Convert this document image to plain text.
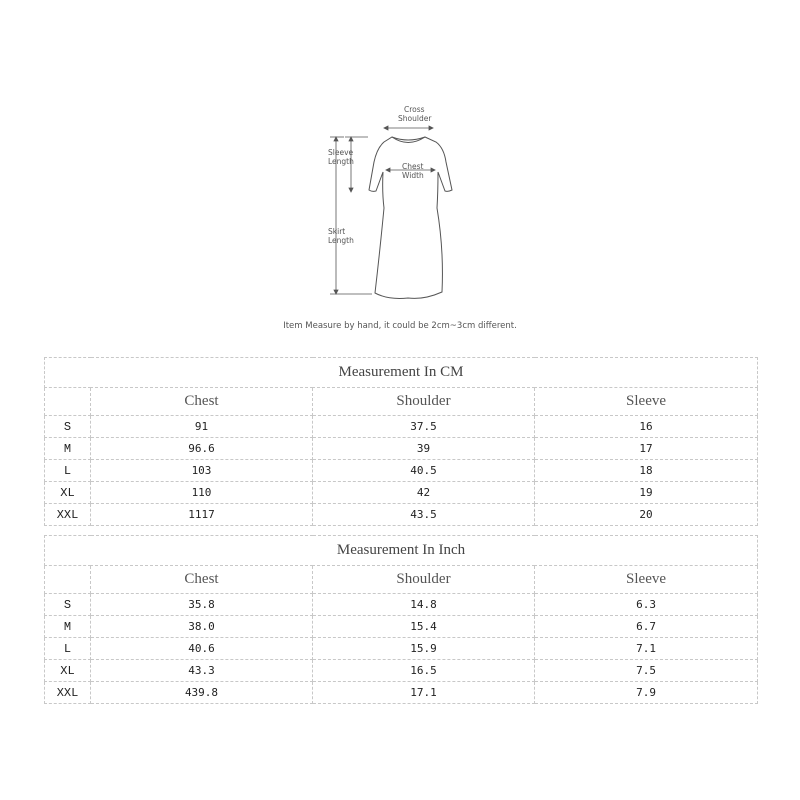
Cross
Shoulder
Sleeve
Length
Chest
Width
Skirt
Length
Item Measure by hand, it could be 2cm~3cm different.
Measurement In CM			
	Chest	Shoulder	Sleeve
S	91	37.5	16
M	96.6	39	17
L	103	40.5	18
XL	110	42	19
XXL	1117	43.5	20
Measurement In Inch			
	Chest	Shoulder	Sleeve
S	35.8	14.8	6.3
M	38.0	15.4	6.7
L	40.6	15.9	7.1
XL	43.3	16.5	7.5
XXL	439.8	17.1	7.9
